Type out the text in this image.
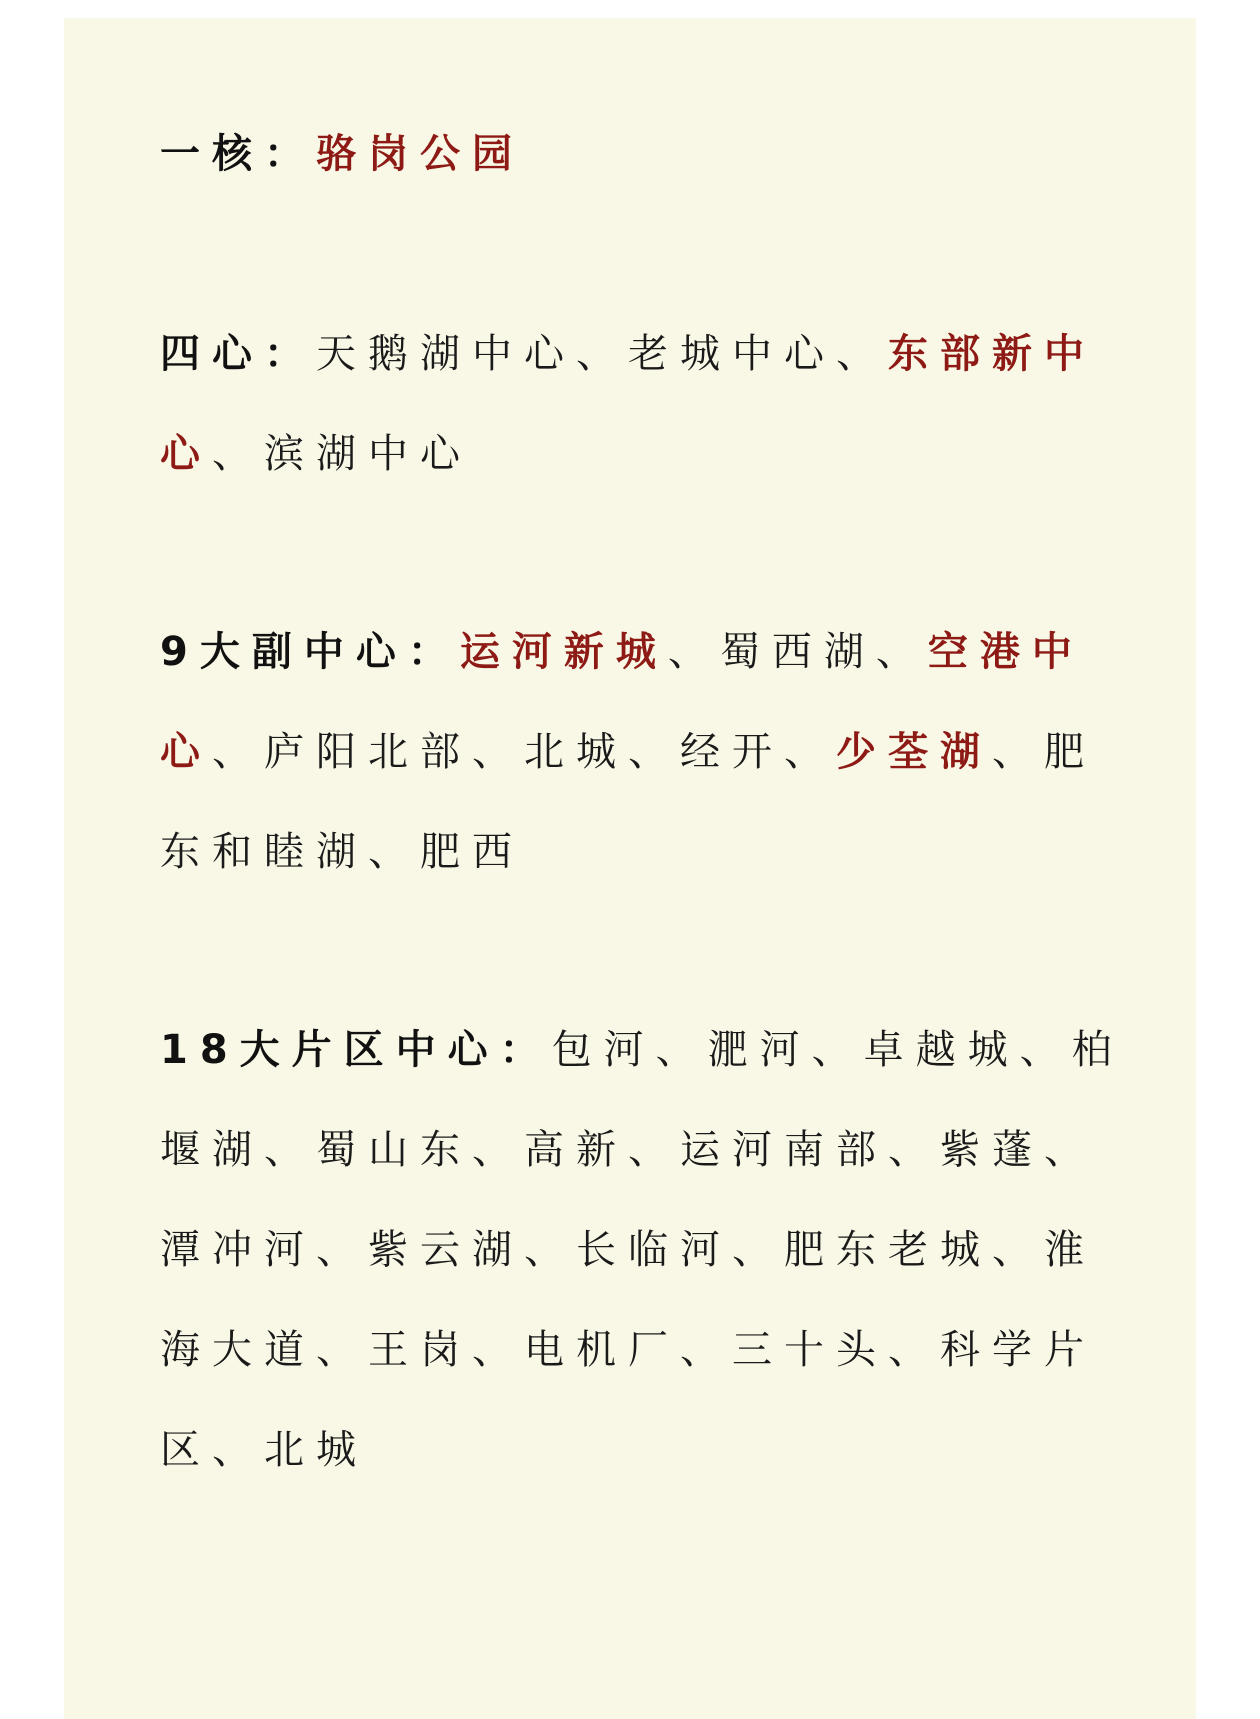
一核：骆岗公园

四心：天鹅湖中心、老城中心、东部新中

心、滨湖中心

9大副中心：运河新城、蜀西湖、空港中

心、庐阳北部、北城、经开、少荃湖、肥

东和睦湖、肥西

18大片区中心：包河、淝河、卓越城、柏

堰湖、蜀山东、高新、运河南部、紫蓬、

潭冲河、紫云湖、长临河、肥东老城、淮

海大道、王岗、电机厂、三十头、科学片

区、北城
